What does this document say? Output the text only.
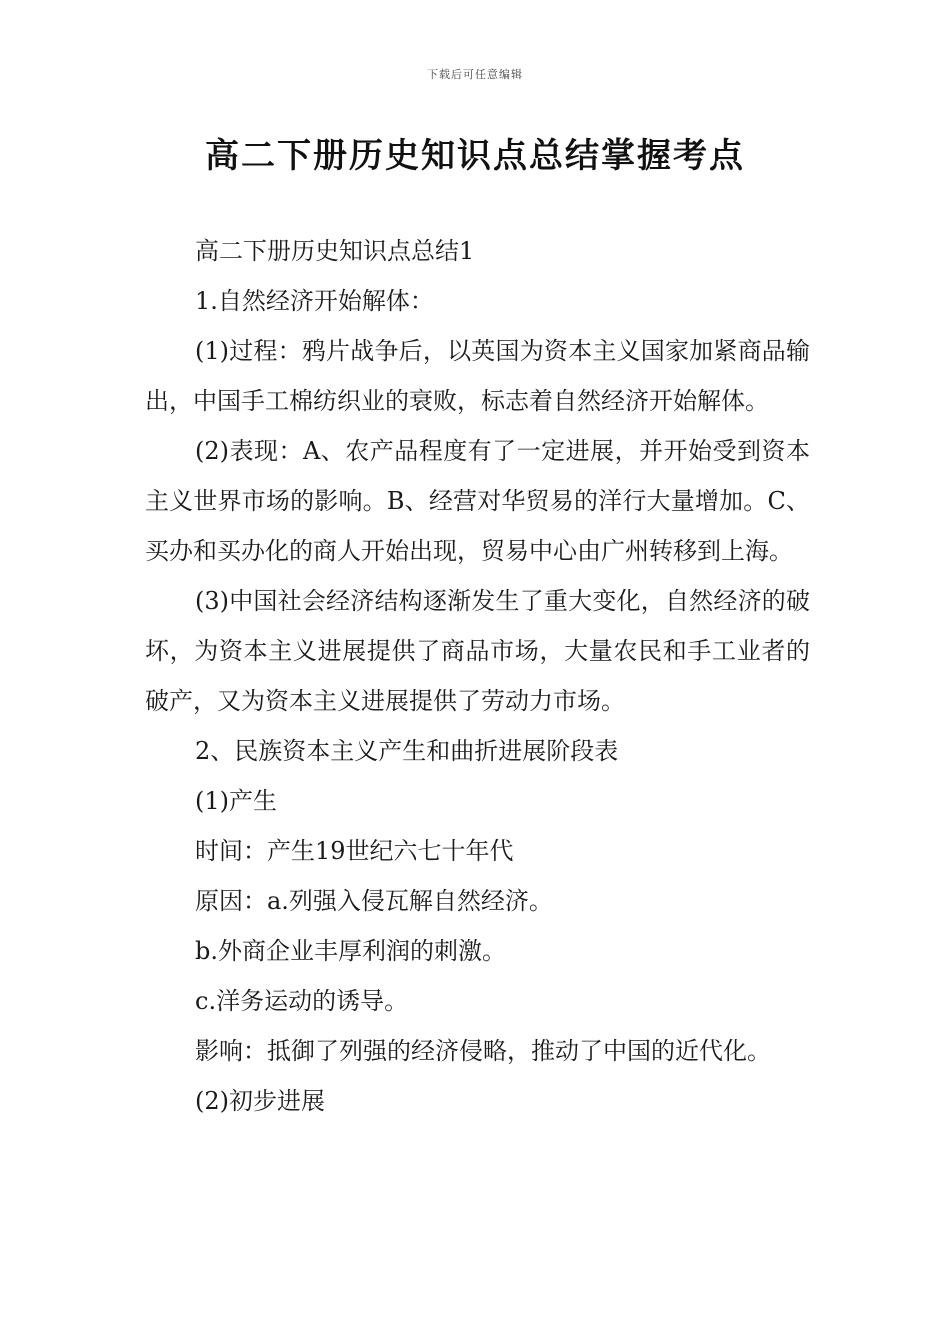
下载后可任意编辑
高二下册历史知识点总结掌握考点

高二下册历史知识点总结1

1.自然经济开始解体：

(1)过程：鸦片战争后，以英国为资本主义国家加紧商品输出，中国手工棉纺织业的衰败，标志着自然经济开始解体。

(2)表现：A、农产品程度有了一定进展，并开始受到资本主义世界市场的影响。B、经营对华贸易的洋行大量增加。C、买办和买办化的商人开始出现，贸易中心由广州转移到上海。

(3)中国社会经济结构逐渐发生了重大变化，自然经济的破坏，为资本主义进展提供了商品市场，大量农民和手工业者的破产，又为资本主义进展提供了劳动力市场。

2、民族资本主义产生和曲折进展阶段表

(1)产生

时间：产生19世纪六七十年代

原因：a.列强入侵瓦解自然经济。

b.外商企业丰厚利润的刺激。

c.洋务运动的诱导。

影响：抵御了列强的经济侵略，推动了中国的近代化。

(2)初步进展
